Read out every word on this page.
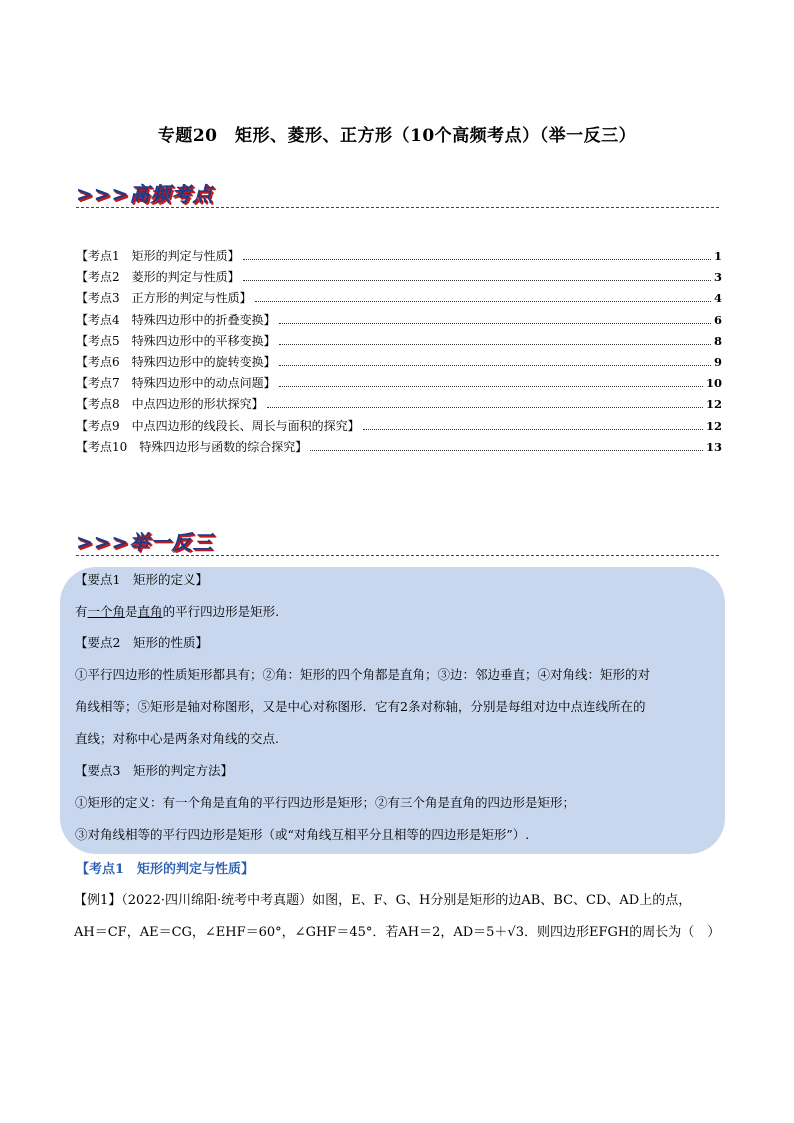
专题20　矩形、菱形、正方形（10个高频考点）（举一反三）
>>>高频考点
【考点1　矩形的判定与性质】	1
【考点2　菱形的判定与性质】	3
【考点3　正方形的判定与性质】	4
【考点4　特殊四边形中的折叠变换】	6
【考点5　特殊四边形中的平移变换】	8
【考点6　特殊四边形中的旋转变换】	9
【考点7　特殊四边形中的动点问题】	10
【考点8　中点四边形的形状探究】	12
【考点9　中点四边形的线段长、周长与面积的探究】	12
【考点10　特殊四边形与函数的综合探究】	13
>>>举一反三
【要点1　矩形的定义】
有一个角是直角的平行四边形是矩形.
【要点2　矩形的性质】
①平行四边形的性质矩形都具有；②角：矩形的四个角都是直角；③边：邻边垂直；④对角线：矩形的对
角线相等；⑤矩形是轴对称图形，又是中心对称图形．它有2条对称轴，分别是每组对边中点连线所在的
直线；对称中心是两条对角线的交点.
【要点3　矩形的判定方法】
①矩形的定义：有一个角是直角的平行四边形是矩形；②有三个角是直角的四边形是矩形；
③对角线相等的平行四边形是矩形（或“对角线互相平分且相等的四边形是矩形”）.
【考点1　矩形的判定与性质】
【例1】（2022·四川绵阳·统考中考真题）如图，E、F、G、H分别是矩形的边AB、BC、CD、AD上的点，
AH＝CF，AE＝CG，∠EHF＝60°，∠GHF＝45°．若AH＝2，AD＝5＋√3．则四边形EFGH的周长为（　）
